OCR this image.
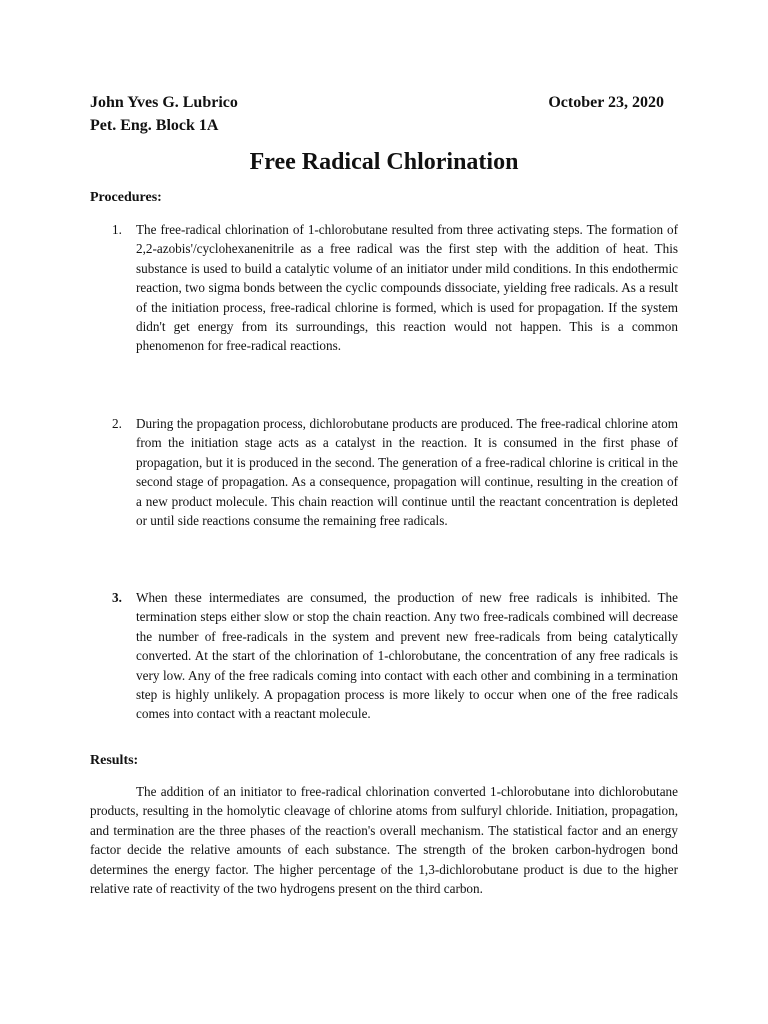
John Yves G. Lubrico	October 23, 2020
Pet. Eng. Block 1A
Free Radical Chlorination
Procedures:
1.	The free-radical chlorination of 1-chlorobutane resulted from three activating steps. The formation of 2,2-azobis'/cyclohexanenitrile as a free radical was the first step with the addition of heat. This substance is used to build a catalytic volume of an initiator under mild conditions. In this endothermic reaction, two sigma bonds between the cyclic compounds dissociate, yielding free radicals. As a result of the initiation process, free-radical chlorine is formed, which is used for propagation. If the system didn't get energy from its surroundings, this reaction would not happen. This is a common phenomenon for free-radical reactions.
2.	During the propagation process, dichlorobutane products are produced. The free-radical chlorine atom from the initiation stage acts as a catalyst in the reaction. It is consumed in the first phase of propagation, but it is produced in the second. The generation of a free-radical chlorine is critical in the second stage of propagation. As a consequence, propagation will continue, resulting in the creation of a new product molecule. This chain reaction will continue until the reactant concentration is depleted or until side reactions consume the remaining free radicals.
3.	When these intermediates are consumed, the production of new free radicals is inhibited. The termination steps either slow or stop the chain reaction. Any two free-radicals combined will decrease the number of free-radicals in the system and prevent new free-radicals from being catalytically converted. At the start of the chlorination of 1-chlorobutane, the concentration of any free radicals is very low. Any of the free radicals coming into contact with each other and combining in a termination step is highly unlikely. A propagation process is more likely to occur when one of the free radicals comes into contact with a reactant molecule.
Results:
The addition of an initiator to free-radical chlorination converted 1-chlorobutane into dichlorobutane products, resulting in the homolytic cleavage of chlorine atoms from sulfuryl chloride. Initiation, propagation, and termination are the three phases of the reaction's overall mechanism. The statistical factor and an energy factor decide the relative amounts of each substance. The strength of the broken carbon-hydrogen bond determines the energy factor. The higher percentage of the 1,3-dichlorobutane product is due to the higher relative rate of reactivity of the two hydrogens present on the third carbon.
